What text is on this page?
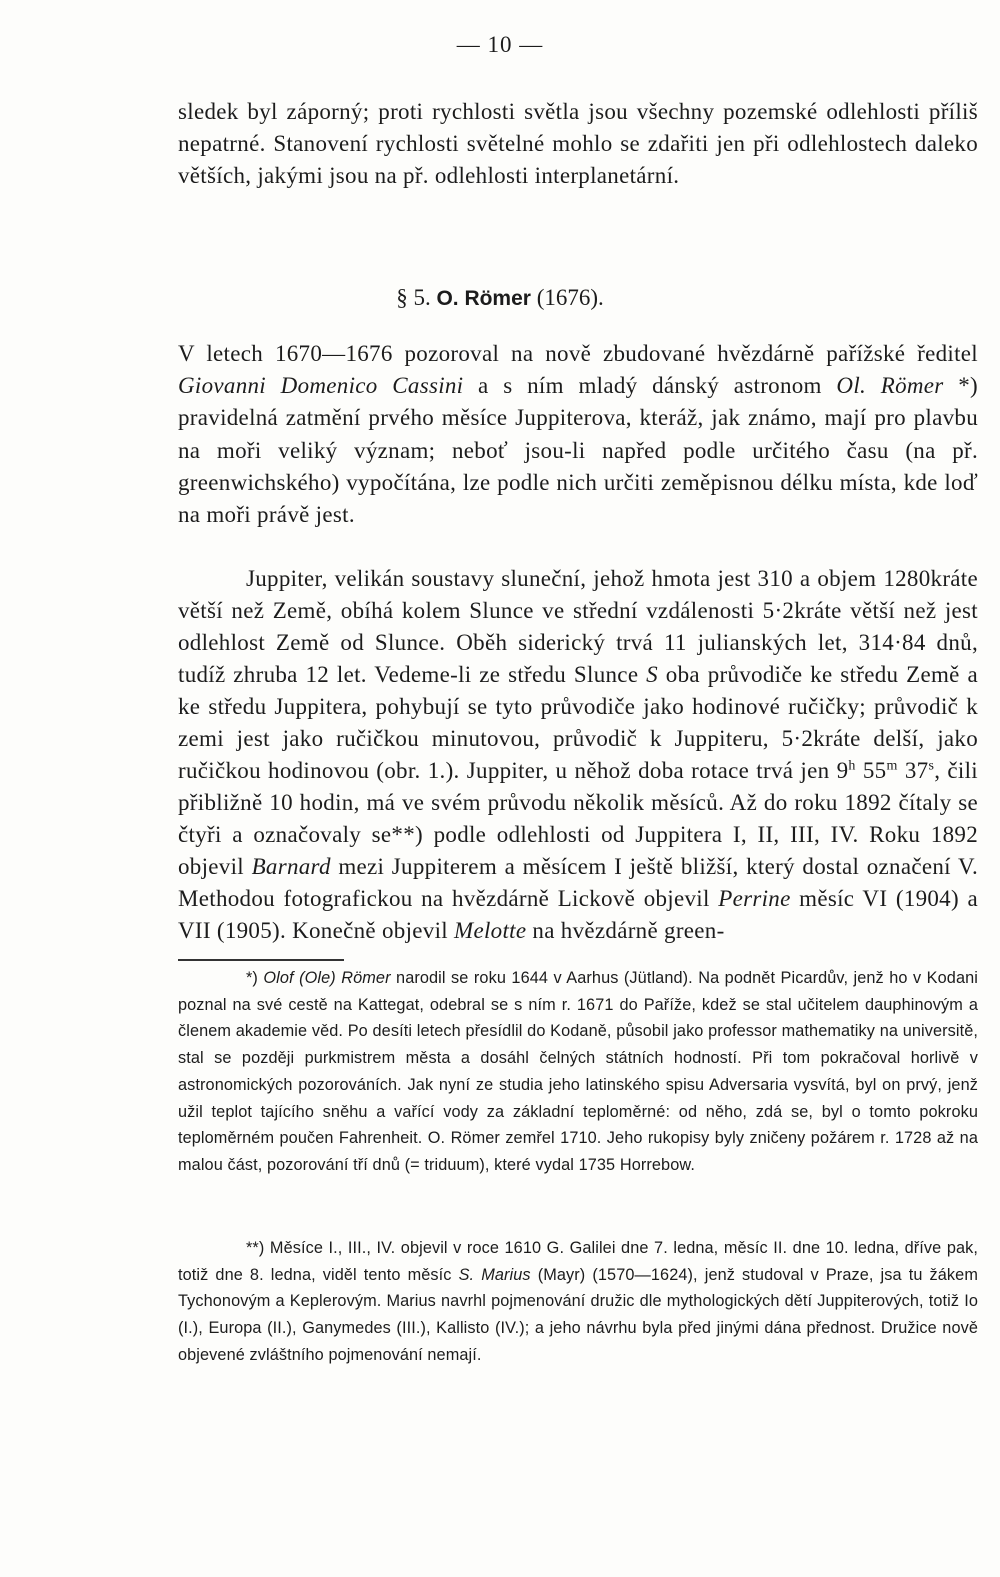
— 10 —
sledek byl záporný; proti rychlosti světla jsou všechny pozemské odlehlosti příliš nepatrné. Stanovení rychlosti světelné mohlo se zdařiti jen při odlehlostech daleko větších, jakými jsou na př. odlehlosti interplanetární.
§ 5. O. Römer (1676).
V letech 1670—1676 pozoroval na nově zbudované hvězdárně pařížské ředitel Giovanni Domenico Cassini a s ním mladý dánský astronom Ol. Römer *) pravidelná zatmění prvého měsíce Juppiterova, kteráž, jak známo, mají pro plavbu na moři veliký význam; neboť jsou-li napřed podle určitého času (na př. greenwichského) vypočítána, lze podle nich určiti zeměpisnou délku místa, kde loď na moři právě jest.
Juppiter, velikán soustavy sluneční, jehož hmota jest 310 a objem 1280kráte větší než Země, obíhá kolem Slunce ve střední vzdálenosti 5·2kráte větší než jest odlehlost Země od Slunce. Oběh siderický trvá 11 julianských let, 314·84 dnů, tudíž zhruba 12 let. Vedeme-li ze středu Slunce S oba průvodiče ke středu Země a ke středu Juppitera, pohybují se tyto průvodiče jako hodinové ručičky; průvodič k zemi jest jako ručičkou minutovou, průvodič k Juppiteru, 5·2kráte delší, jako ručičkou hodinovou (obr. 1.). Juppiter, u něhož doba rotace trvá jen 9$^h$ 55$^m$ 37$^s$, čili přibližně 10 hodin, má ve svém průvodu několik měsíců. Až do roku 1892 čítaly se čtyři a označovaly se**) podle odlehlosti od Juppitera I, II, III, IV. Roku 1892 objevil Barnard mezi Juppiterem a měsícem I ještě bližší, který dostal označení V. Methodou fotografickou na hvězdárně Lickově objevil Perrine měsíc VI (1904) a VII (1905). Konečně objevil Melotte na hvězdárně green-
*) Olof (Ole) Römer narodil se roku 1644 v Aarhus (Jütland). Na podnět Picardův, jenž ho v Kodani poznal na své cestě na Kattegat, odebral se s ním r. 1671 do Paříže, kdež se stal učitelem dauphinovým a členem akademie věd. Po desíti letech přesídlil do Kodaně, působil jako professor mathematiky na universitě, stal se později purkmistrem města a dosáhl čelných státních hodností. Při tom pokračoval horlivě v astronomických pozorováních. Jak nyní ze studia jeho latinského spisu Adversaria vysvítá, byl on prvý, jenž užil teplot tajícího sněhu a vařící vody za základní teploměrné: od něho, zdá se, byl o tomto pokroku teploměrném poučen Fahrenheit. O. Römer zemřel 1710. Jeho rukopisy byly zničeny požárem r. 1728 až na malou část, pozorování tří dnů (= triduum), které vydal 1735 Horrebow.
**) Měsíce I., III., IV. objevil v roce 1610 G. Galilei dne 7. ledna, měsíc II. dne 10. ledna, dříve pak, totiž dne 8. ledna, viděl tento měsíc S. Marius (Mayr) (1570—1624), jenž studoval v Praze, jsa tu žákem Tychonovým a Keplerovým. Marius navrhl pojmenování družic dle mythologických dětí Juppiterových, totiž Io (I.), Europa (II.), Ganymedes (III.), Kallisto (IV.); a jeho návrhu byla před jinými dána přednost. Družice nově objevené zvláštního pojmenování nemají.
